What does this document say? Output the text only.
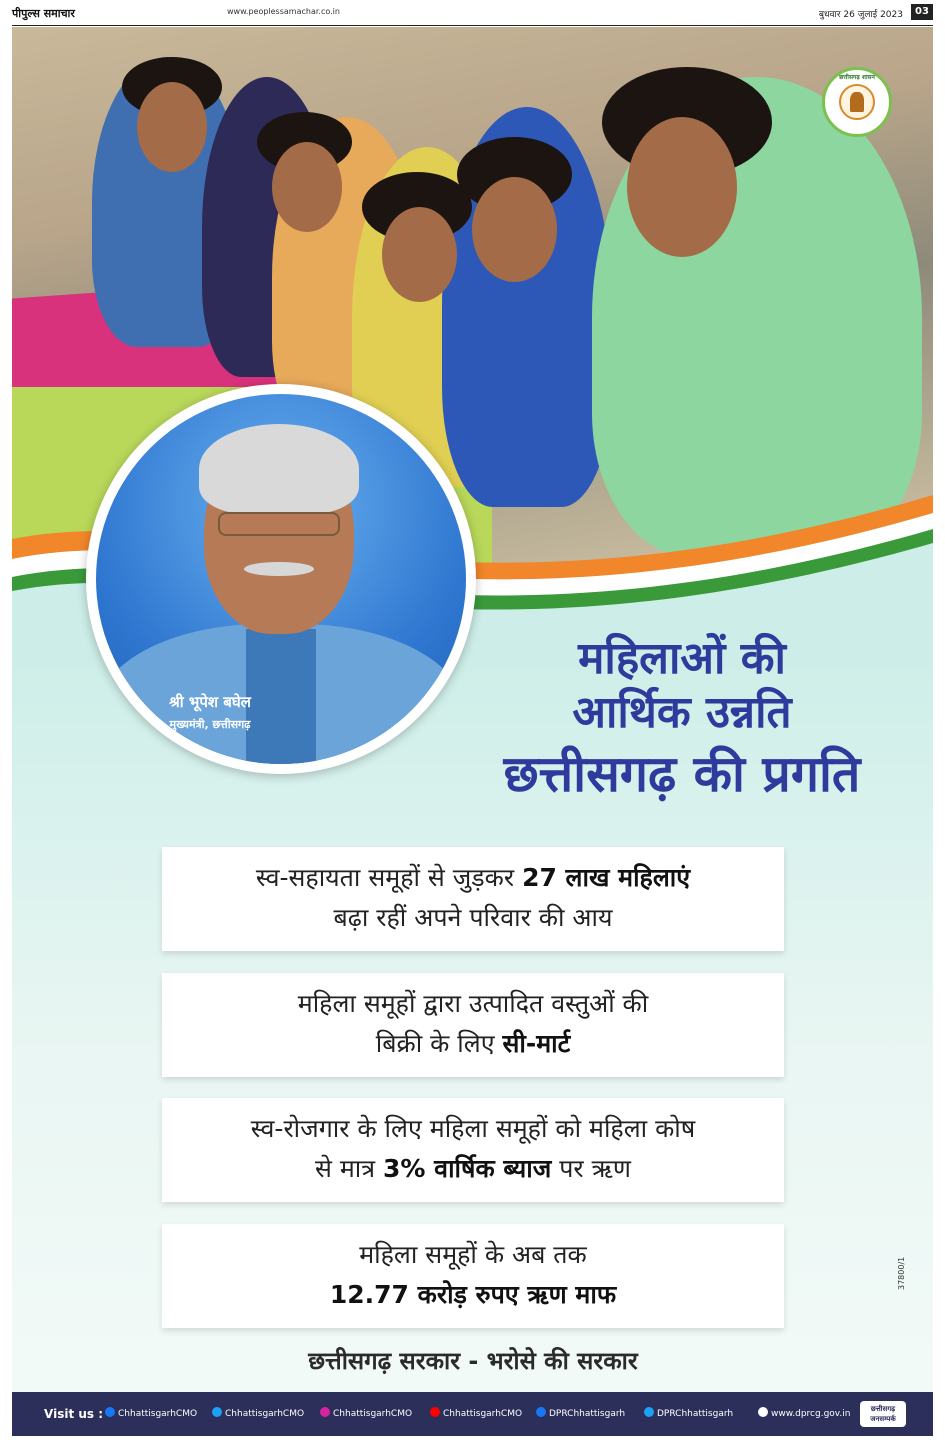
पीपुल्स समाचार	www.peoplessamachar.co.in	बुधवार 26 जुलाई 2023	03
छत्तीसगढ़ शासन
श्री भूपेश बघेल
मुख्यमंत्री, छत्तीसगढ़
महिलाओं की
आर्थिक उन्नति
छत्तीसगढ़ की प्रगति
स्व-सहायता समूहों से जुड़कर 27 लाख महिलाएं
बढ़ा रहीं अपने परिवार की आय
महिला समूहों द्वारा उत्पादित वस्तुओं की
बिक्री के लिए सी-मार्ट
स्व-रोजगार के लिए महिला समूहों को महिला कोष
से मात्र 3% वार्षिक ब्याज पर ऋण
महिला समूहों के अब तक
12.77 करोड़ रुपए ऋण माफ
छत्तीसगढ़ सरकार - भरोसे की सरकार
37800/1
Visit us :	ChhattisgarhCMO	ChhattisgarhCMO	ChhattisgarhCMO	ChhattisgarhCMO	DPRChhattisgarh	DPRChhattisgarh	www.dprcg.gov.in	छत्तीसगढ़ जनसम्पर्क
